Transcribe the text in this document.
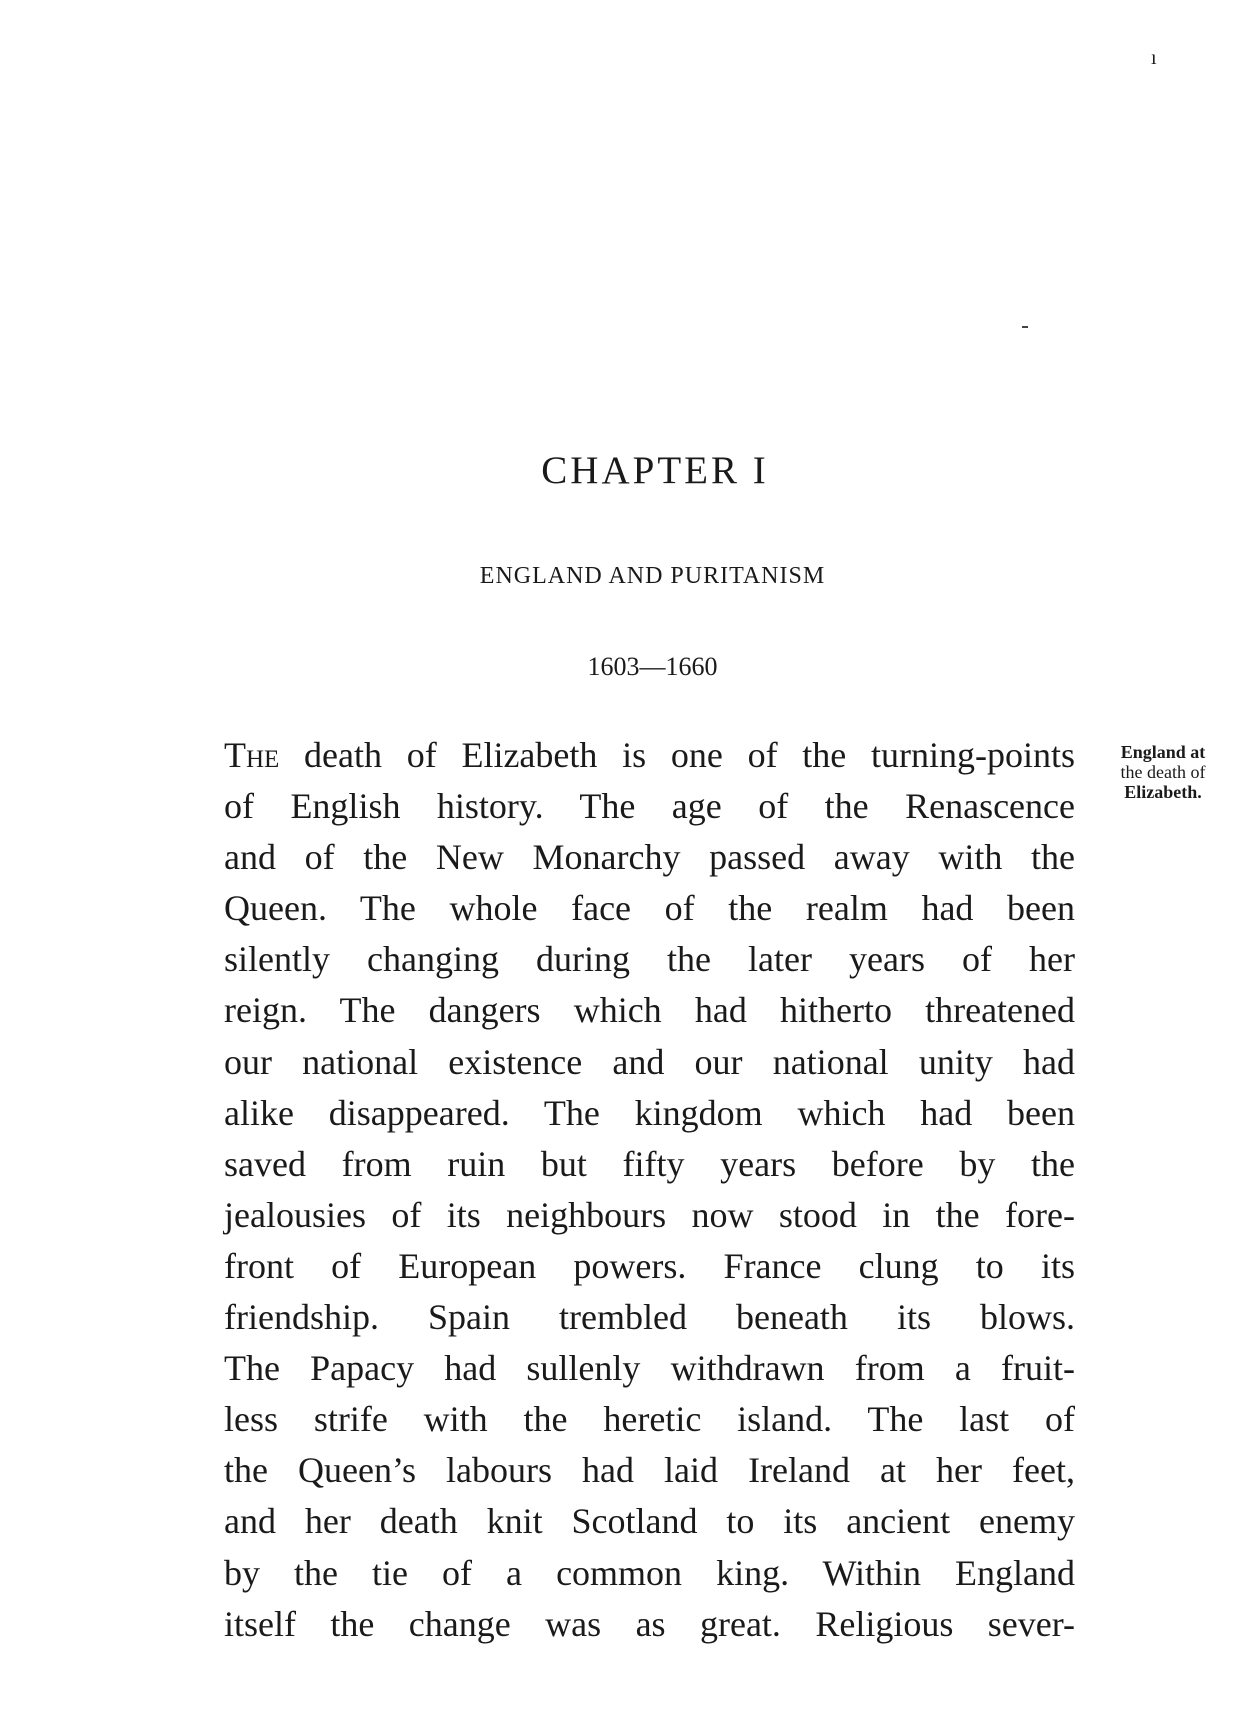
ı
CHAPTER I
ENGLAND AND PURITANISM
1603—1660
The death of Elizabeth is one of the turning-points
of English history. The age of the Renascence
and of the New Monarchy passed away with the
Queen. The whole face of the realm had been
silently changing during the later years of her
reign. The dangers which had hitherto threatened
our national existence and our national unity had
alike disappeared. The kingdom which had been
saved from ruin but fifty years before by the
jealousies of its neighbours now stood in the fore-
front of European powers. France clung to its
friendship. Spain trembled beneath its blows.
The Papacy had sullenly withdrawn from a fruit-
less strife with the heretic island. The last of
the Queen’s labours had laid Ireland at her feet,
and her death knit Scotland to its ancient enemy
by the tie of a common king. Within England
itself the change was as great. Religious sever-
England at
the death of
Elizabeth.
